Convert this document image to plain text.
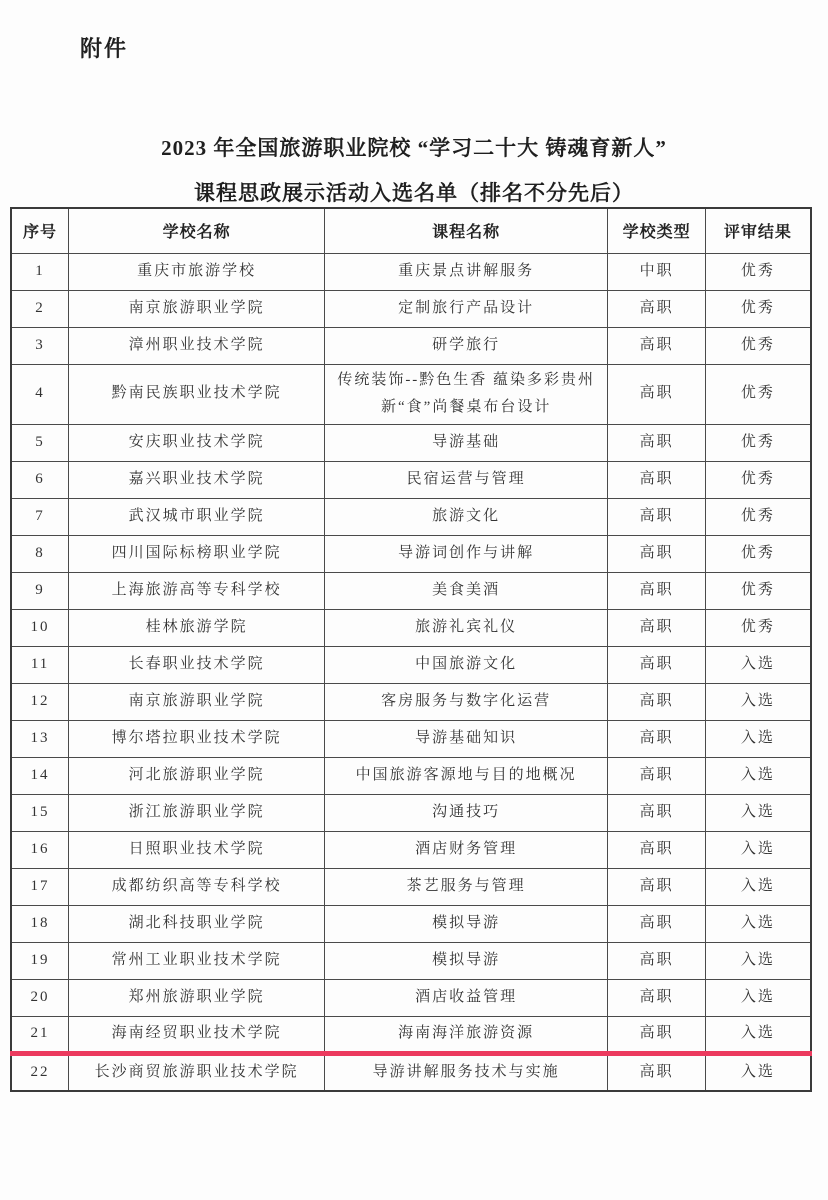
附件
2023 年全国旅游职业院校 “学习二十大 铸魂育新人”
课程思政展示活动入选名单（排名不分先后）
序号	学校名称	课程名称	学校类型	评审结果
1	重庆市旅游学校	重庆景点讲解服务	中职	优秀
2	南京旅游职业学院	定制旅行产品设计	高职	优秀
3	漳州职业技术学院	研学旅行	高职	优秀
4	黔南民族职业技术学院	传统装饰--黔色生香 蕴染多彩贵州新“食”尚餐桌布台设计	高职	优秀
5	安庆职业技术学院	导游基础	高职	优秀
6	嘉兴职业技术学院	民宿运营与管理	高职	优秀
7	武汉城市职业学院	旅游文化	高职	优秀
8	四川国际标榜职业学院	导游词创作与讲解	高职	优秀
9	上海旅游高等专科学校	美食美酒	高职	优秀
10	桂林旅游学院	旅游礼宾礼仪	高职	优秀
11	长春职业技术学院	中国旅游文化	高职	入选
12	南京旅游职业学院	客房服务与数字化运营	高职	入选
13	博尔塔拉职业技术学院	导游基础知识	高职	入选
14	河北旅游职业学院	中国旅游客源地与目的地概况	高职	入选
15	浙江旅游职业学院	沟通技巧	高职	入选
16	日照职业技术学院	酒店财务管理	高职	入选
17	成都纺织高等专科学校	茶艺服务与管理	高职	入选
18	湖北科技职业学院	模拟导游	高职	入选
19	常州工业职业技术学院	模拟导游	高职	入选
20	郑州旅游职业学院	酒店收益管理	高职	入选
21	海南经贸职业技术学院	海南海洋旅游资源	高职	入选
22	长沙商贸旅游职业技术学院	导游讲解服务技术与实施	高职	入选
